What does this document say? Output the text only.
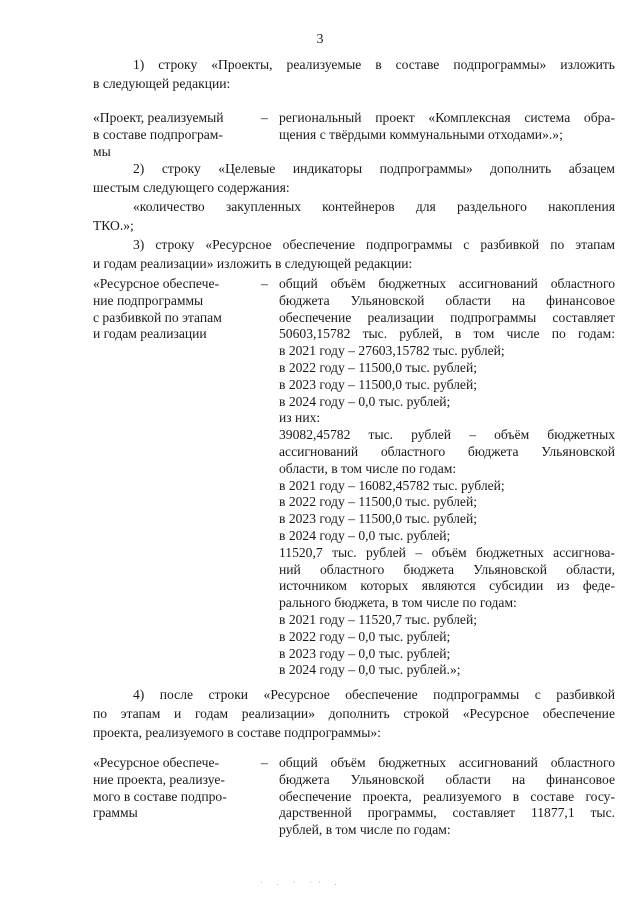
3

1) строку «Проекты, реализуемые в составе подпрограммы» изложить
в следующей редакции:

«Проект, реализуемый
в составе подпрограм-
мы
– региональный проект «Комплексная система обра-
щения с твёрдыми коммунальными отходами».»;

2) строку «Целевые индикаторы подпрограммы» дополнить абзацем
шестым следующего содержания:
«количество закупленных контейнеров для раздельного накопления
ТКО.»;
3) строку «Ресурсное обеспечение подпрограммы с разбивкой по этапам
и годам реализации» изложить в следующей редакции:

«Ресурсное обеспече-
ние подпрограммы
с разбивкой по этапам
и годам реализации
– общий объём бюджетных ассигнований областного
бюджета Ульяновской области на финансовое
обеспечение реализации подпрограммы составляет
50603,15782 тыс. рублей, в том числе по годам:
в 2021 году – 27603,15782 тыс. рублей;
в 2022 году – 11500,0 тыс. рублей;
в 2023 году – 11500,0 тыс. рублей;
в 2024 году – 0,0 тыс. рублей;
из них:
39082,45782 тыс. рублей – объём бюджетных
ассигнований областного бюджета Ульяновской
области, в том числе по годам:
в 2021 году – 16082,45782 тыс. рублей;
в 2022 году – 11500,0 тыс. рублей;
в 2023 году – 11500,0 тыс. рублей;
в 2024 году – 0,0 тыс. рублей;
11520,7 тыс. рублей – объём бюджетных ассигнова-
ний областного бюджета Ульяновской области,
источником которых являются субсидии из феде-
рального бюджета, в том числе по годам:
в 2021 году – 11520,7 тыс. рублей;
в 2022 году – 0,0 тыс. рублей;
в 2023 году – 0,0 тыс. рублей;
в 2024 году – 0,0 тыс. рублей.»;

4) после строки «Ресурсное обеспечение подпрограммы с разбивкой
по этапам и годам реализации» дополнить строкой «Ресурсное обеспечение
проекта, реализуемого в составе подпрограммы»:

«Ресурсное обеспече-
ние проекта, реализуе-
мого в составе подпро-
граммы
– общий объём бюджетных ассигнований областного
бюджета Ульяновской области на финансовое
обеспечение проекта, реализуемого в составе госу-
дарственной программы, составляет 11877,1 тыс.
рублей, в том числе по годам:
· . · ·· .
